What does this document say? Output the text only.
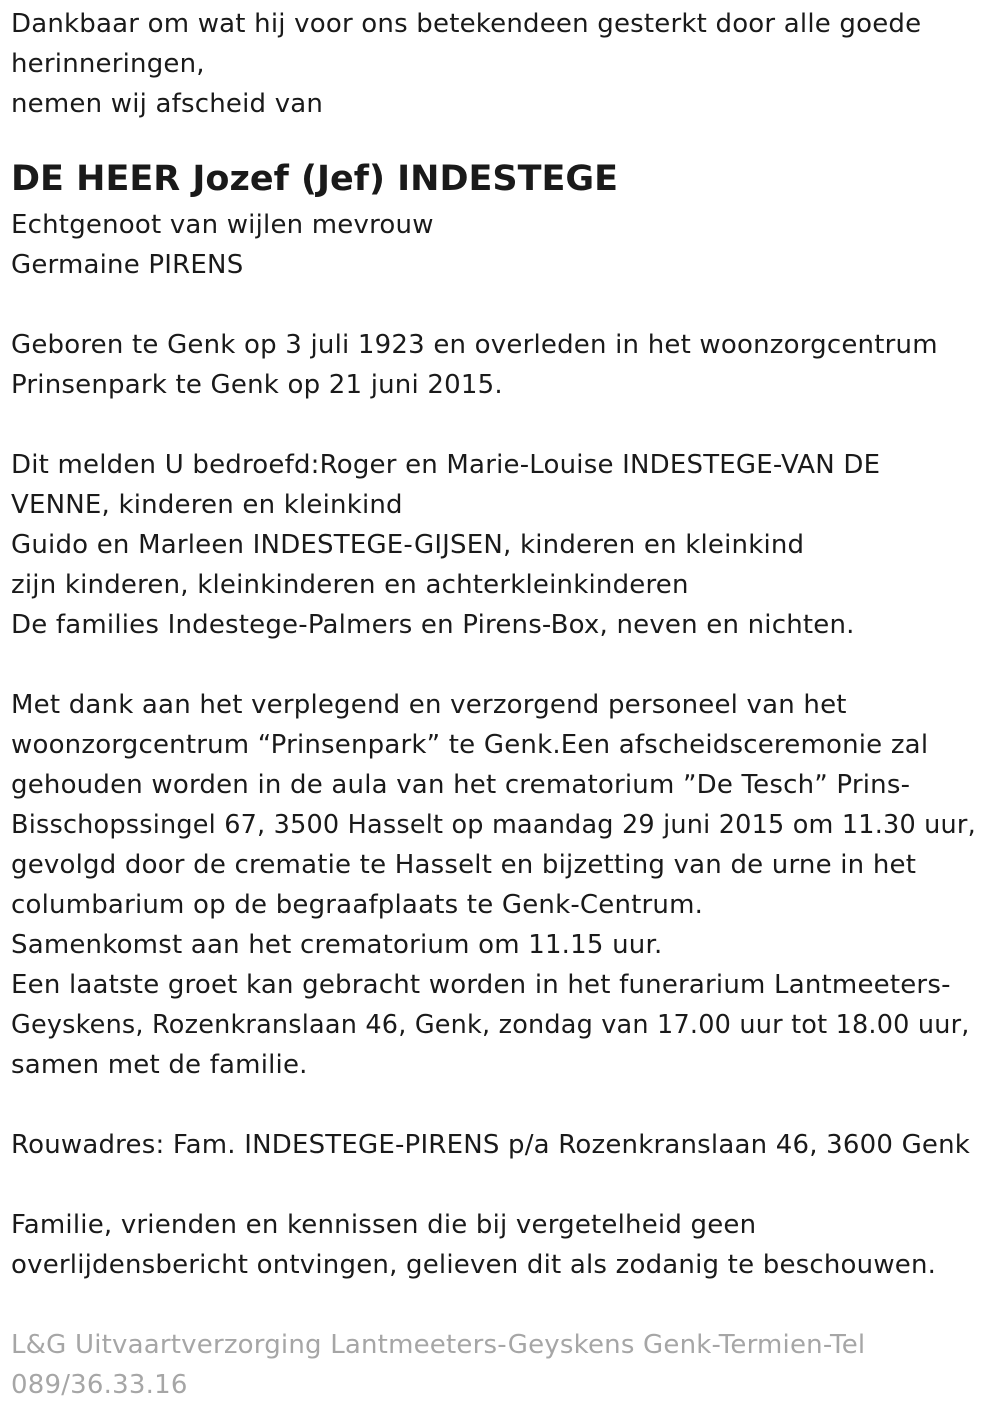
Dankbaar om wat hij voor ons betekendeen gesterkt door alle goede
herinneringen,
nemen wij afscheid van
DE HEER Jozef (Jef) INDESTEGE
Echtgenoot van wijlen mevrouw
Germaine PIRENS
Geboren te Genk op 3 juli 1923 en overleden in het woonzorgcentrum
Prinsenpark te Genk op 21 juni 2015.
Dit melden U bedroefd:Roger en Marie-Louise INDESTEGE-VAN DE
VENNE, kinderen en kleinkind
Guido en Marleen INDESTEGE-GIJSEN, kinderen en kleinkind
zijn kinderen, kleinkinderen en achterkleinkinderen
De families Indestege-Palmers en Pirens-Box, neven en nichten.
Met dank aan het verplegend en verzorgend personeel van het
woonzorgcentrum “Prinsenpark” te Genk.Een afscheidsceremonie zal
gehouden worden in de aula van het crematorium ˮDe Teschˮ Prins-
Bisschopssingel 67, 3500 Hasselt op maandag 29 juni 2015 om 11.30 uur,
gevolgd door de crematie te Hasselt en bijzetting van de urne in het
columbarium op de begraafplaats te Genk-Centrum.
Samenkomst aan het crematorium om 11.15 uur.
Een laatste groet kan gebracht worden in het funerarium Lantmeeters-
Geyskens, Rozenkranslaan 46, Genk, zondag van 17.00 uur tot 18.00 uur,
samen met de familie.
Rouwadres: Fam. INDESTEGE-PIRENS p/a Rozenkranslaan 46, 3600 Genk
Familie, vrienden en kennissen die bij vergetelheid geen
overlijdensbericht ontvingen, gelieven dit als zodanig te beschouwen.
L&G Uitvaartverzorging Lantmeeters-Geyskens Genk-Termien-Tel
089/36.33.16
